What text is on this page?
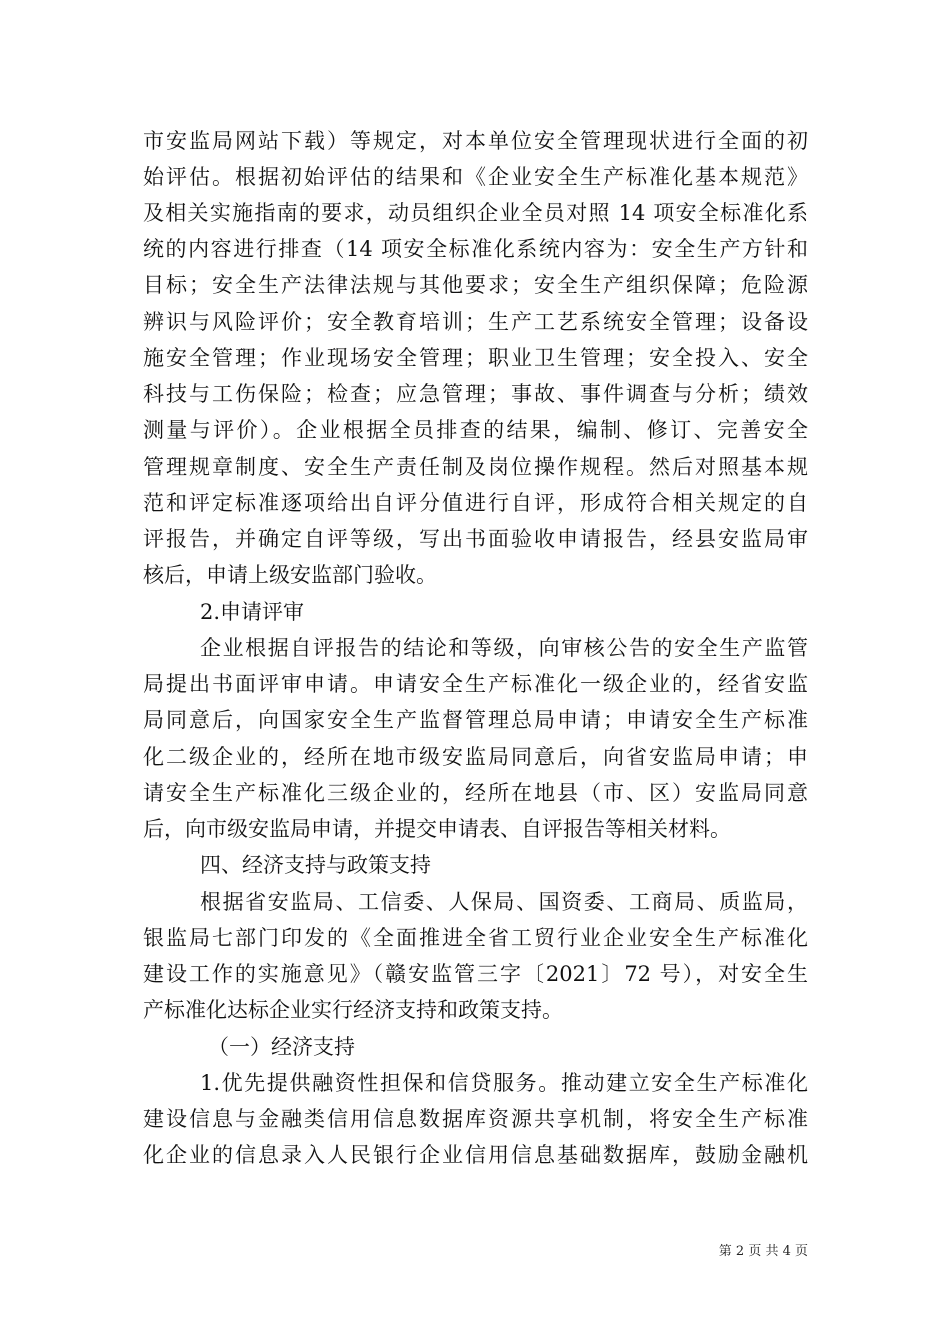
市安监局网站下载）等规定，对本单位安全管理现状进行全面的初
始评估。根据初始评估的结果和《企业安全生产标准化基本规范》
及相关实施指南的要求，动员组织企业全员对照 14 项安全标准化系
统的内容进行排查（14 项安全标准化系统内容为：安全生产方针和
目标；安全生产法律法规与其他要求；安全生产组织保障；危险源
辨识与风险评价；安全教育培训；生产工艺系统安全管理；设备设
施安全管理；作业现场安全管理；职业卫生管理；安全投入、安全
科技与工伤保险；检查；应急管理；事故、事件调查与分析；绩效
测量与评价）。企业根据全员排查的结果，编制、修订、完善安全
管理规章制度、安全生产责任制及岗位操作规程。然后对照基本规
范和评定标准逐项给出自评分值进行自评，形成符合相关规定的自
评报告，并确定自评等级，写出书面验收申请报告，经县安监局审
核后，申请上级安监部门验收。
2.申请评审
企业根据自评报告的结论和等级，向审核公告的安全生产监管
局提出书面评审申请。申请安全生产标准化一级企业的，经省安监
局同意后，向国家安全生产监督管理总局申请；申请安全生产标准
化二级企业的，经所在地市级安监局同意后，向省安监局申请；申
请安全生产标准化三级企业的，经所在地县（市、区）安监局同意
后，向市级安监局申请，并提交申请表、自评报告等相关材料。
四、经济支持与政策支持
根据省安监局、工信委、人保局、国资委、工商局、质监局，
银监局七部门印发的《全面推进全省工贸行业企业安全生产标准化
建设工作的实施意见》（赣安监管三字〔2021〕72 号），对安全生
产标准化达标企业实行经济支持和政策支持。
（一）经济支持
1.优先提供融资性担保和信贷服务。推动建立安全生产标准化
建设信息与金融类信用信息数据库资源共享机制，将安全生产标准
化企业的信息录入人民银行企业信用信息基础数据库，鼓励金融机
第 2 页 共 4 页
